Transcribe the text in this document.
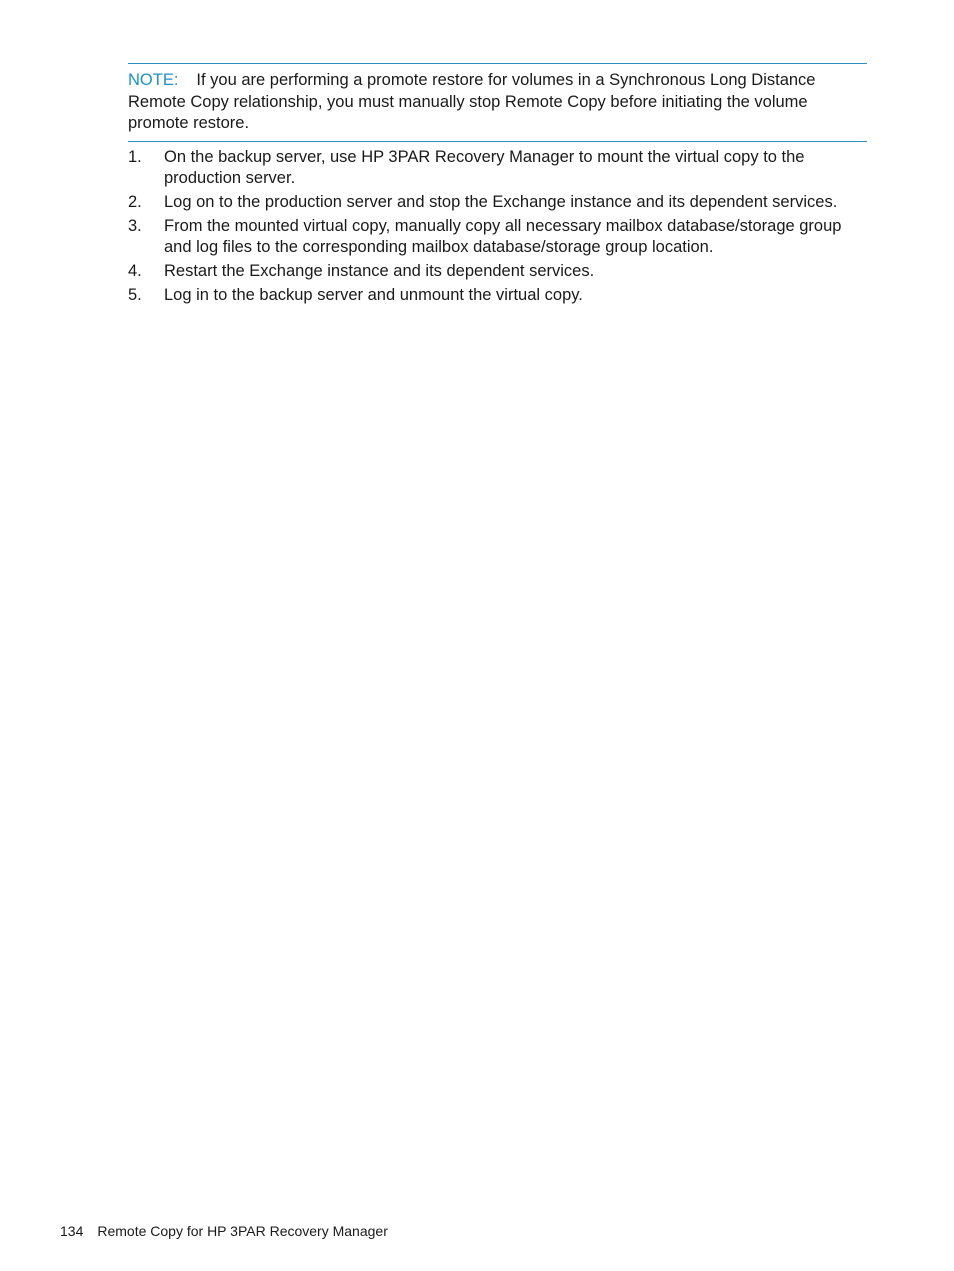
NOTE: If you are performing a promote restore for volumes in a Synchronous Long Distance Remote Copy relationship, you must manually stop Remote Copy before initiating the volume promote restore.
1. On the backup server, use HP 3PAR Recovery Manager to mount the virtual copy to the production server.
2. Log on to the production server and stop the Exchange instance and its dependent services.
3. From the mounted virtual copy, manually copy all necessary mailbox database/storage group and log files to the corresponding mailbox database/storage group location.
4. Restart the Exchange instance and its dependent services.
5. Log in to the backup server and unmount the virtual copy.
134 Remote Copy for HP 3PAR Recovery Manager
